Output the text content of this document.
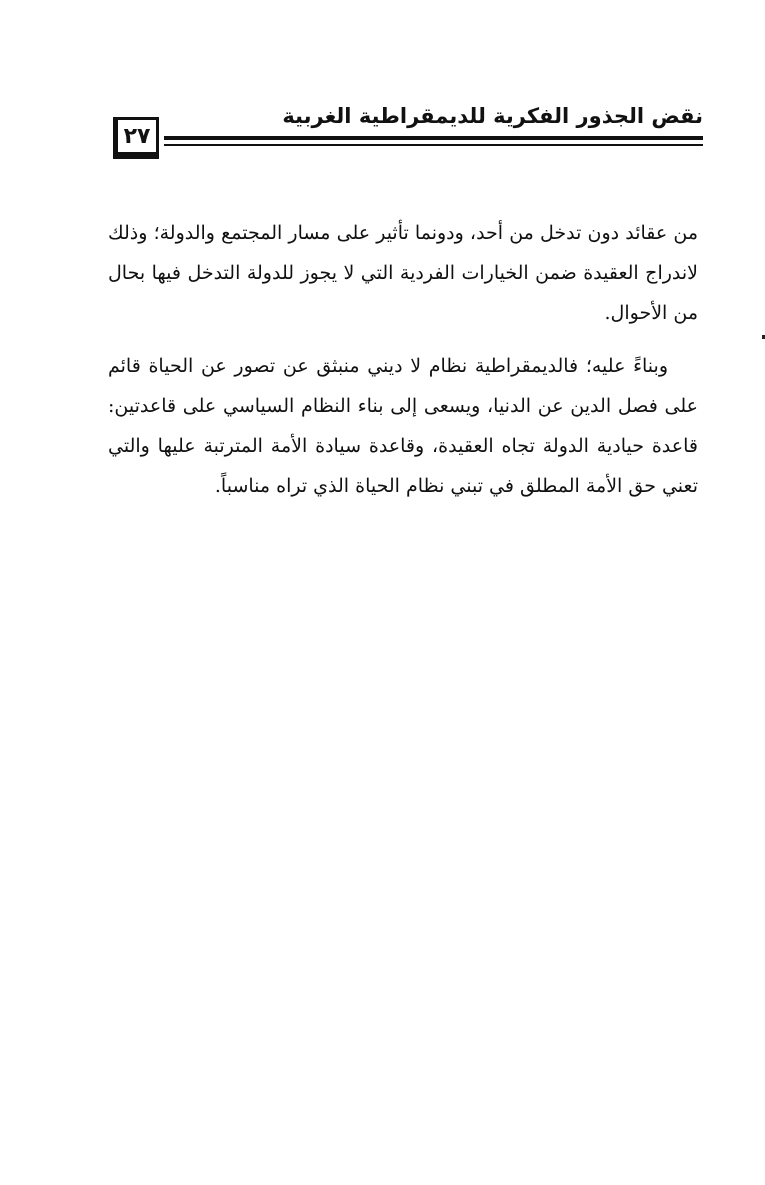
نقض الجذور الفكرية للديمقراطية الغربية
٢٧

من عقائد دون تدخل من أحد، ودونما تأثير على مسار المجتمع والدولة؛ وذلك لاندراج العقيدة ضمن الخيارات الفردية التي لا يجوز للدولة التدخل فيها بحال من الأحوال.

وبناءً عليه؛ فالديمقراطية نظام لا ديني منبثق عن تصور عن الحياة قائم على فصل الدين عن الدنيا، ويسعى إلى بناء النظام السياسي على قاعدتين: قاعدة حيادية الدولة تجاه العقيدة، وقاعدة سيادة الأمة المترتبة عليها والتي تعني حق الأمة المطلق في تبني نظام الحياة الذي تراه مناسباً.
